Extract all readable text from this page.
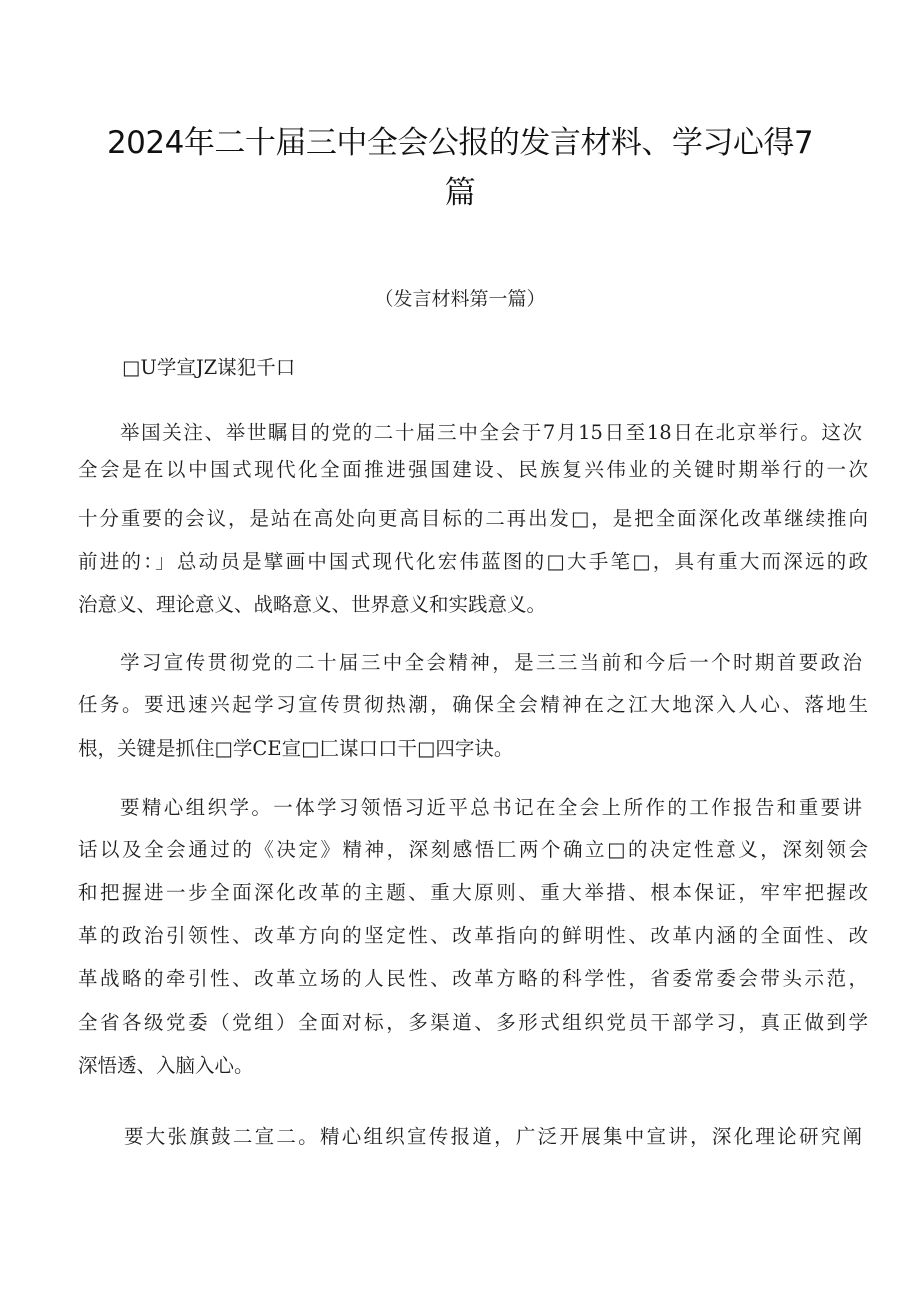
2024年二十届三中全会公报的发言材料、学习心得7
篇
（发言材料第一篇）
□U学宣JZ谋犯千口
举国关注、举世瞩目的党的二十届三中全会于7月15日至18日在北京举行。这次
全会是在以中国式现代化全面推进强国建设、民族复兴伟业的关键时期举行的一次
十分重要的会议，是站在高处向更高目标的二再出发□，是把全面深化改革继续推向
前进的：」总动员是擘画中国式现代化宏伟蓝图的□大手笔□，具有重大而深远的政
治意义、理论意义、战略意义、世界意义和实践意义。
学习宣传贯彻党的二十届三中全会精神，是三三当前和今后一个时期首要政治
任务。要迅速兴起学习宣传贯彻热潮，确保全会精神在之江大地深入人心、落地生
根，关键是抓住□学CE宣□匚谋口口干□四字诀。
要精心组织学。一体学习领悟习近平总书记在全会上所作的工作报告和重要讲
话以及全会通过的《决定》精神，深刻感悟匚两个确立□的决定性意义，深刻领会
和把握进一步全面深化改革的主题、重大原则、重大举措、根本保证，牢牢把握改
革的政治引领性、改革方向的坚定性、改革指向的鲜明性、改革内涵的全面性、改
革战略的牵引性、改革立场的人民性、改革方略的科学性，省委常委会带头示范，
全省各级党委（党组）全面对标，多渠道、多形式组织党员干部学习，真正做到学
深悟透、入脑入心。
要大张旗鼓二宣二。精心组织宣传报道，广泛开展集中宣讲，深化理论研究阐
